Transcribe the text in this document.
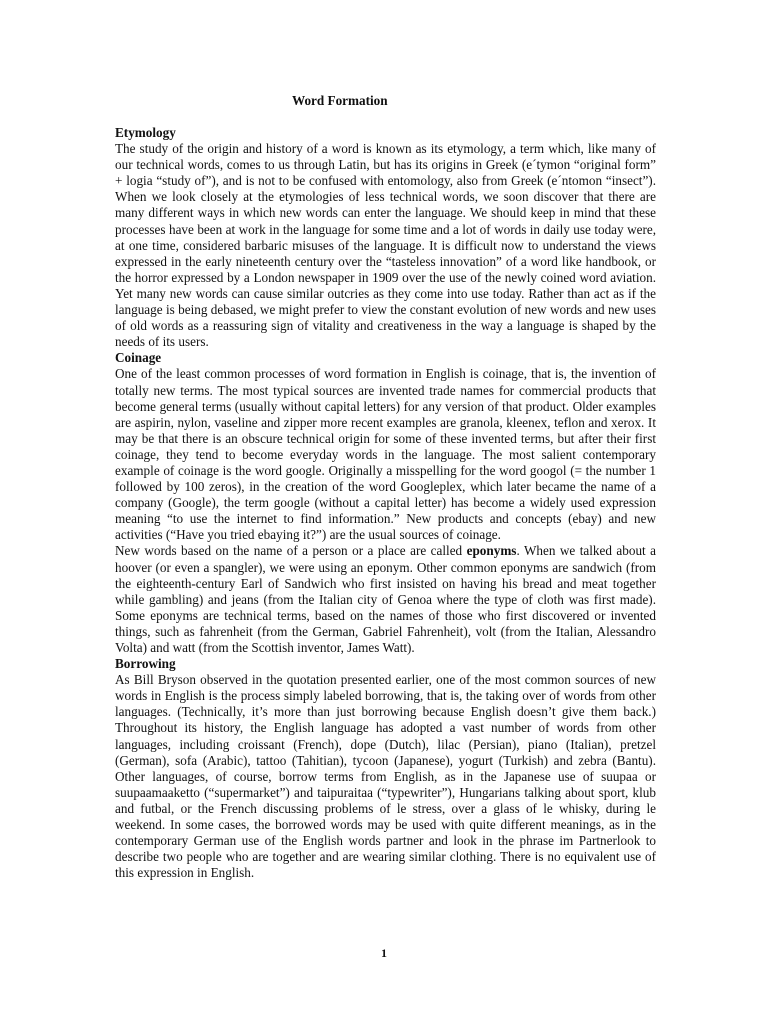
Word Formation

Etymology

The study of the origin and history of a word is known as its etymology, a term which, like many of our technical words, comes to us through Latin, but has its origins in Greek (e´tymon “original form” + logia “study of”), and is not to be confused with entomology, also from Greek (e´ntomon “insect”). When we look closely at the etymologies of less technical words, we soon discover that there are many different ways in which new words can enter the language. We should keep in mind that these processes have been at work in the language for some time and a lot of words in daily use today were, at one time, considered barbaric misuses of the language. It is difficult now to understand the views expressed in the early nineteenth century over the “tasteless innovation” of a word like handbook, or the horror expressed by a London newspaper in 1909 over the use of the newly coined word aviation. Yet many new words can cause similar outcries as they come into use today. Rather than act as if the language is being debased, we might prefer to view the constant evolution of new words and new uses of old words as a reassuring sign of vitality and creativeness in the way a language is shaped by the needs of its users.

Coinage

One of the least common processes of word formation in English is coinage, that is, the invention of totally new terms. The most typical sources are invented trade names for commercial products that become general terms (usually without capital letters) for any version of that product. Older examples are aspirin, nylon, vaseline and zipper more recent examples are granola, kleenex, teflon and xerox. It may be that there is an obscure technical origin for some of these invented terms, but after their first coinage, they tend to become everyday words in the language. The most salient contemporary example of coinage is the word google. Originally a misspelling for the word googol (= the number 1 followed by 100 zeros), in the creation of the word Googleplex, which later became the name of a company (Google), the term google (without a capital letter) has become a widely used expression meaning “to use the internet to find information.” New products and concepts (ebay) and new activities (“Have you tried ebaying it?”) are the usual sources of coinage.

New words based on the name of a person or a place are called eponyms. When we talked about a hoover (or even a spangler), we were using an eponym. Other common eponyms are sandwich (from the eighteenth-century Earl of Sandwich who first insisted on having his bread and meat together while gambling) and jeans (from the Italian city of Genoa where the type of cloth was first made). Some eponyms are technical terms, based on the names of those who first discovered or invented things, such as fahrenheit (from the German, Gabriel Fahrenheit), volt (from the Italian, Alessandro Volta) and watt (from the Scottish inventor, James Watt).

Borrowing

As Bill Bryson observed in the quotation presented earlier, one of the most common sources of new words in English is the process simply labeled borrowing, that is, the taking over of words from other languages. (Technically, it’s more than just borrowing because English doesn’t give them back.) Throughout its history, the English language has adopted a vast number of words from other languages, including croissant (French), dope (Dutch), lilac (Persian), piano (Italian), pretzel (German), sofa (Arabic), tattoo (Tahitian), tycoon (Japanese), yogurt (Turkish) and zebra (Bantu). Other languages, of course, borrow terms from English, as in the Japanese use of suupaa or suupaamaaketto (“supermarket”) and taipuraitaa (“typewriter”), Hungarians talking about sport, klub and futbal, or the French discussing problems of le stress, over a glass of le whisky, during le weekend. In some cases, the borrowed words may be used with quite different meanings, as in the contemporary German use of the English words partner and look in the phrase im Partnerlook to describe two people who are together and are wearing similar clothing. There is no equivalent use of this expression in English.

1
